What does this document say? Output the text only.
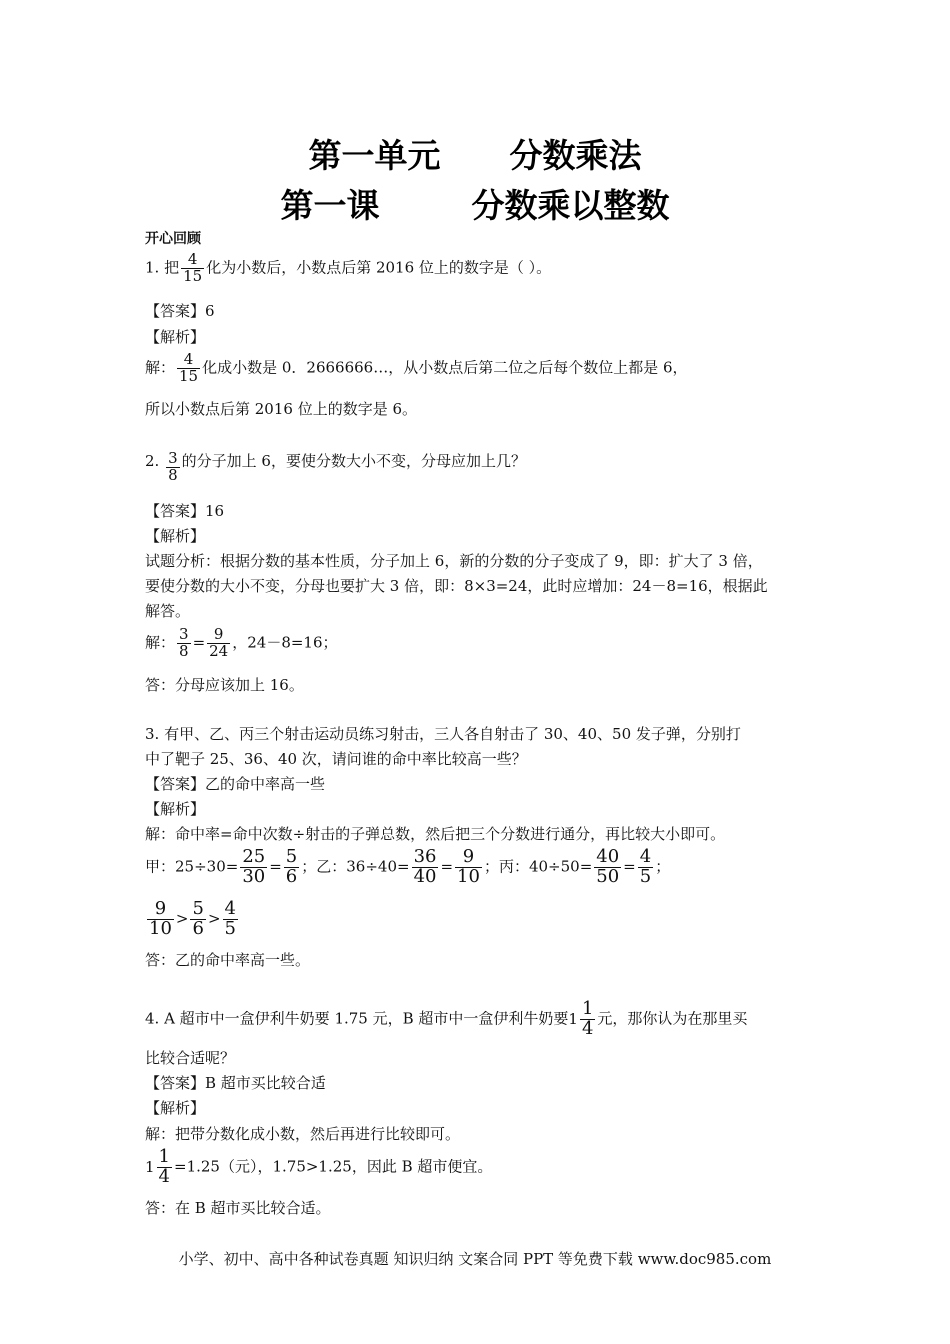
第一单元      分数乘法
第一课        分数乘以整数
开心回顾
1. 把 $\frac{4}{15}$ 化为小数后，小数点后第 2016 位上的数字是（ ）。
【答案】6
【解析】
解： $\frac{4}{15}$ 化成小数是 0．2666666…，从小数点后第二位之后每个数位上都是 6，
所以小数点后第 2016 位上的数字是 6。
2. $\frac{3}{8}$ 的分子加上 6，要使分数大小不变，分母应加上几？
【答案】16
【解析】
试题分析：根据分数的基本性质，分子加上 6，新的分数的分子变成了 9，即：扩大了 3 倍，
要使分数的大小不变，分母也要扩大 3 倍，即：8×3=24，此时应增加：24－8=16，根据此
解答。
解： $\frac{3}{8} = \frac{9}{24}$ ，24－8=16；
答：分母应该加上 16。
3. 有甲、乙、丙三个射击运动员练习射击，三人各自射击了 30、40、50 发子弹，分别打
中了靶子 25、36、40 次，请问谁的命中率比较高一些？
【答案】乙的命中率高一些
【解析】
解：命中率=命中次数÷射击的子弹总数，然后把三个分数进行通分，再比较大小即可。
甲：$25\div 30= \frac{25}{30} = \frac{5}{6}$ ；乙：$36\div 40= \frac{36}{40} = \frac{9}{10}$ ；丙：$40\div 50= \frac{40}{50} = \frac{4}{5}$ ；
$\frac{9}{10} > \frac{5}{6} > \frac{4}{5}$
答：乙的命中率高一些。
4. A 超市中一盒伊利牛奶要 1.75 元，B 超市中一盒伊利牛奶要 $1 \frac{1}{4}$ 元，那你认为在那里买
比较合适呢？
【答案】B 超市买比较合适
【解析】
解：把带分数化成小数，然后再进行比较即可。
$1 \frac{1}{4} =1.25$（元），1.75>1.25，因此 B 超市便宜。
答：在 B 超市买比较合适。
小学、初中、高中各种试卷真题 知识归纳 文案合同 PPT 等免费下载 www.doc985.com
